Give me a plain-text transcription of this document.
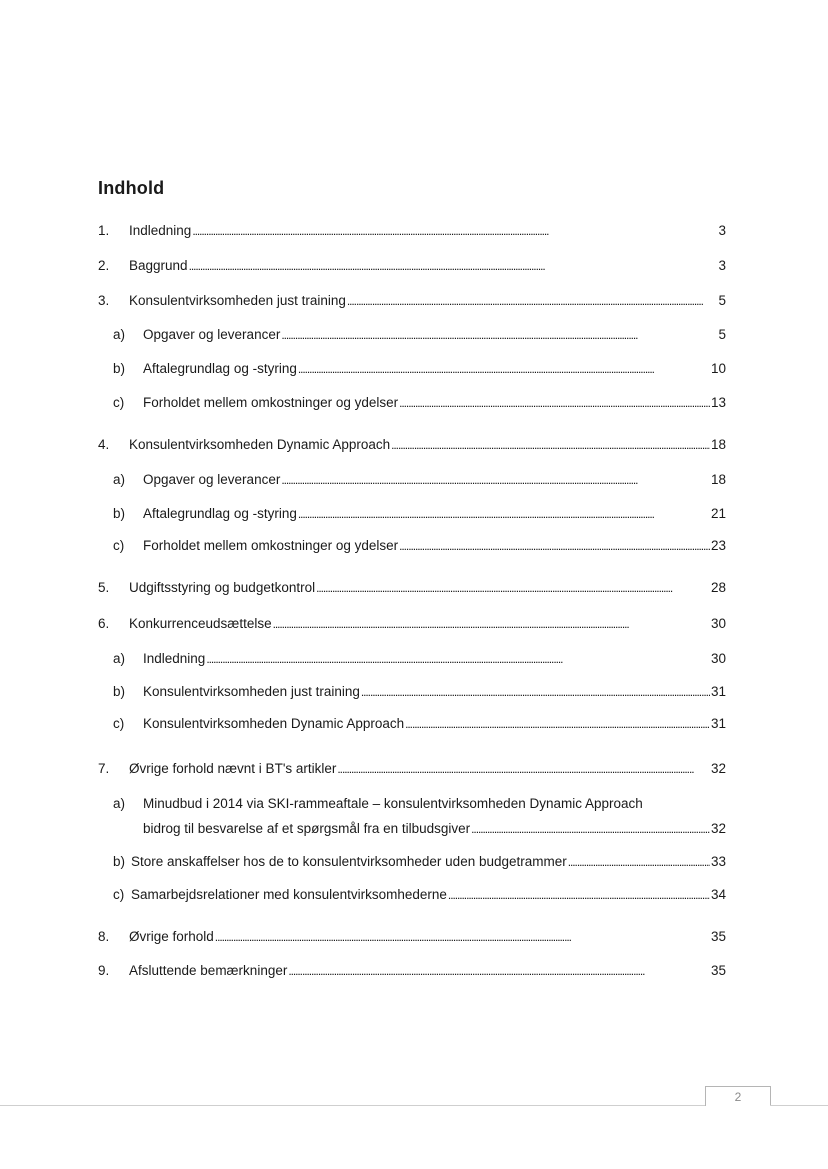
Indhold
1.	Indledning . . .	3
2.	Baggrund . . .	3
3.	Konsulentvirksomheden just training . . .	5
a)	Opgaver og leverancer . . .	5
b)	Aftalegrundlag og -styring . . .	10
c)	Forholdet mellem omkostninger og ydelser . . .	13
4.	Konsulentvirksomheden Dynamic Approach . . .	18
a)	Opgaver og leverancer . . .	18
b)	Aftalegrundlag og -styring . . .	21
c)	Forholdet mellem omkostninger og ydelser . . .	23
5.	Udgiftsstyring og budgetkontrol . . .	28
6.	Konkurrenceudsættelse . . .	30
a)	Indledning . . .	30
b)	Konsulentvirksomheden just training . . .	31
c)	Konsulentvirksomheden Dynamic Approach . . .	31
7.	Øvrige forhold nævnt i BT's artikler . . .	32
a)	Minudbud i 2014 via SKI-rammeaftale – konsulentvirksomheden Dynamic Approach
bidrog til besvarelse af et spørgsmål fra en tilbudsgiver . . .	32
b) Store anskaffelser hos de to konsulentvirksomheder uden budgetrammer . . .	33
c) Samarbejdsrelationer med konsulentvirksomhederne . . .	34
8.	Øvrige forhold . . .	35
9.	Afsluttende bemærkninger . . .	35
2
